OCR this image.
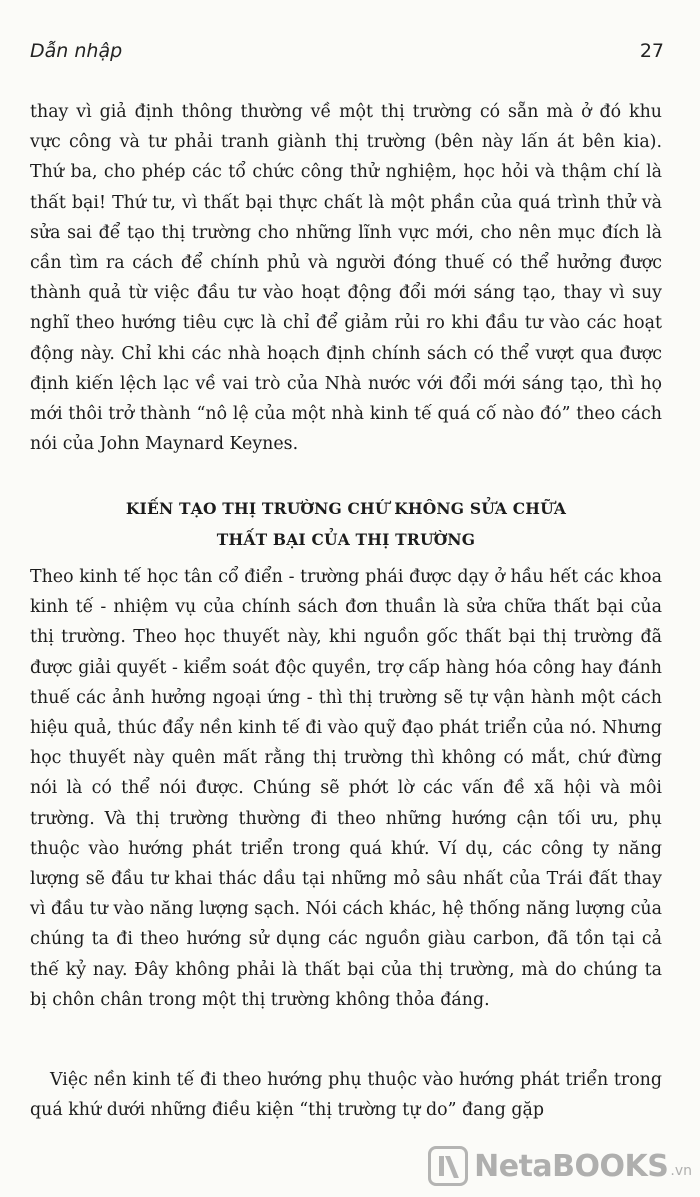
Dẫn nhập	27

thay vì giả định thông thường về một thị trường có sẵn mà ở đó khu vực công và tư phải tranh giành thị trường (bên này lấn át bên kia). Thứ ba, cho phép các tổ chức công thử nghiệm, học hỏi và thậm chí là thất bại! Thứ tư, vì thất bại thực chất là một phần của quá trình thử và sửa sai để tạo thị trường cho những lĩnh vực mới, cho nên mục đích là cần tìm ra cách để chính phủ và người đóng thuế có thể hưởng được thành quả từ việc đầu tư vào hoạt động đổi mới sáng tạo, thay vì suy nghĩ theo hướng tiêu cực là chỉ để giảm rủi ro khi đầu tư vào các hoạt động này. Chỉ khi các nhà hoạch định chính sách có thể vượt qua được định kiến lệch lạc về vai trò của Nhà nước với đổi mới sáng tạo, thì họ mới thôi trở thành “nô lệ của một nhà kinh tế quá cố nào đó” theo cách nói của John Maynard Keynes.

KIẾN TẠO THỊ TRƯỜNG CHỨ KHÔNG SỬA CHỮA
THẤT BẠI CỦA THỊ TRƯỜNG

Theo kinh tế học tân cổ điển - trường phái được dạy ở hầu hết các khoa kinh tế - nhiệm vụ của chính sách đơn thuần là sửa chữa thất bại của thị trường. Theo học thuyết này, khi nguồn gốc thất bại thị trường đã được giải quyết - kiểm soát độc quyền, trợ cấp hàng hóa công hay đánh thuế các ảnh hưởng ngoại ứng - thì thị trường sẽ tự vận hành một cách hiệu quả, thúc đẩy nền kinh tế đi vào quỹ đạo phát triển của nó. Nhưng học thuyết này quên mất rằng thị trường thì không có mắt, chứ đừng nói là có thể nói được. Chúng sẽ phớt lờ các vấn đề xã hội và môi trường. Và thị trường thường đi theo những hướng cận tối ưu, phụ thuộc vào hướng phát triển trong quá khứ. Ví dụ, các công ty năng lượng sẽ đầu tư khai thác dầu tại những mỏ sâu nhất của Trái đất thay vì đầu tư vào năng lượng sạch. Nói cách khác, hệ thống năng lượng của chúng ta đi theo hướng sử dụng các nguồn giàu carbon, đã tồn tại cả thế kỷ nay. Đây không phải là thất bại của thị trường, mà do chúng ta bị chôn chân trong một thị trường không thỏa đáng.

Việc nền kinh tế đi theo hướng phụ thuộc vào hướng phát triển trong quá khứ dưới những điều kiện “thị trường tự do” đang gặp

NetaBOOKS .vn
